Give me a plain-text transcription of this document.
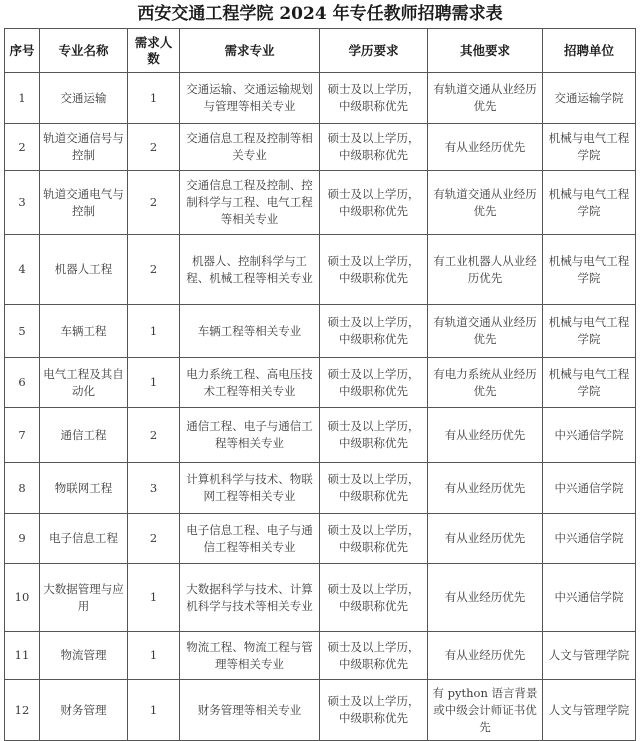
西安交通工程学院 2024 年专任教师招聘需求表
序号	专业名称	需求人数	需求专业	学历要求	其他要求	招聘单位
1	交通运输	1	交通运输、交通运输规划与管理等相关专业	硕士及以上学历，中级职称优先	有轨道交通从业经历优先	交通运输学院
2	轨道交通信号与控制	2	交通信息工程及控制等相关专业	硕士及以上学历，中级职称优先	有从业经历优先	机械与电气工程学院
3	轨道交通电气与控制	2	交通信息工程及控制、控制科学与工程、电气工程等相关专业	硕士及以上学历，中级职称优先	有轨道交通从业经历优先	机械与电气工程学院
4	机器人工程	2	机器人、控制科学与工程、机械工程等相关专业	硕士及以上学历，中级职称优先	有工业机器人从业经历优先	机械与电气工程学院
5	车辆工程	1	车辆工程等相关专业	硕士及以上学历，中级职称优先	有轨道交通从业经历优先	机械与电气工程学院
6	电气工程及其自动化	1	电力系统工程、高电压技术工程等相关专业	硕士及以上学历，中级职称优先	有电力系统从业经历优先	机械与电气工程学院
7	通信工程	2	通信工程、电子与通信工程等相关专业	硕士及以上学历，中级职称优先	有从业经历优先	中兴通信学院
8	物联网工程	3	计算机科学与技术、物联网工程等相关专业	硕士及以上学历，中级职称优先	有从业经历优先	中兴通信学院
9	电子信息工程	2	电子信息工程、电子与通信工程等相关专业	硕士及以上学历，中级职称优先	有从业经历优先	中兴通信学院
10	大数据管理与应用	1	大数据科学与技术、计算机科学与技术等相关专业	硕士及以上学历，中级职称优先	有从业经历优先	中兴通信学院
11	物流管理	1	物流工程、物流工程与管理等相关专业	硕士及以上学历，中级职称优先	有从业经历优先	人文与管理学院
12	财务管理	1	财务管理等相关专业	硕士及以上学历，中级职称优先	有 python 语言背景或中级会计师证书优先	人文与管理学院
